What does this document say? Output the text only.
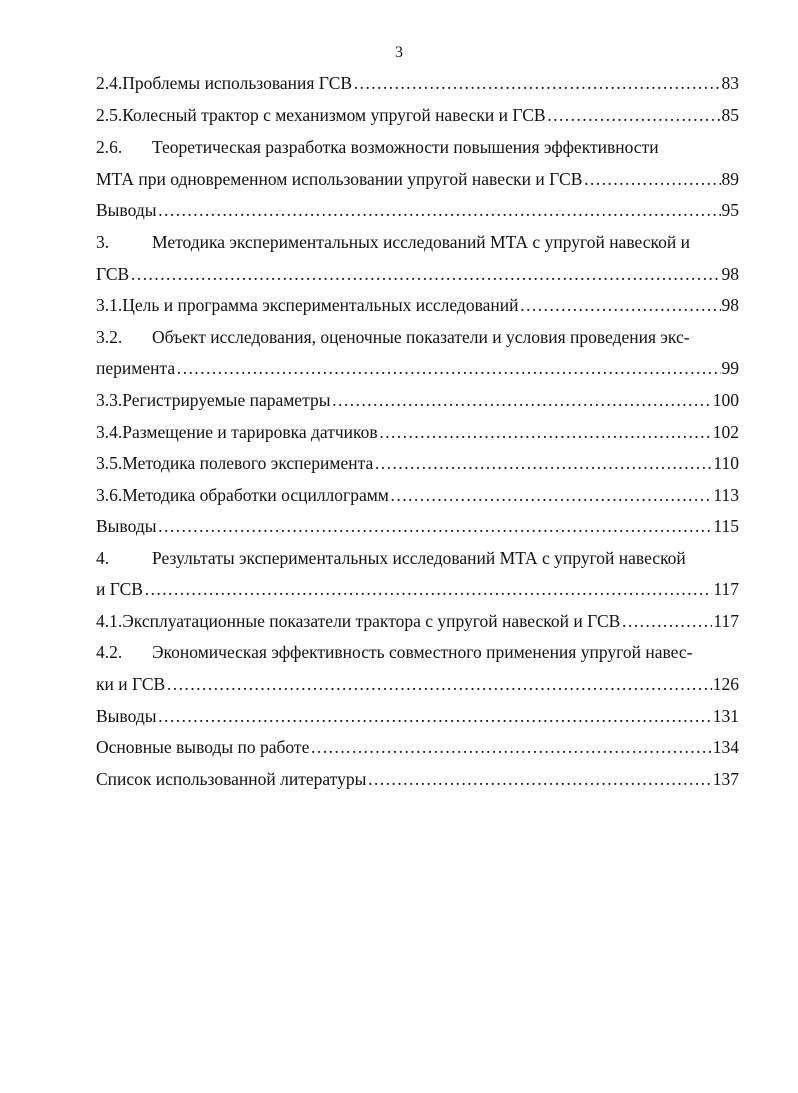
3
2.4. Проблемы использования ГСВ ……………………………………………………………………………………………………………………………………………………………………………	83
2.5. Колесный трактор с механизмом упругой навески и ГСВ ……………………………………………………………………………………………………………………………………………………………………………	85
2.6. Теоретическая разработка возможности повышения эффективности
МТА при одновременном использовании упругой навески и ГСВ ……………………………………………………………………………………………………………………………………………………………………………	89
Выводы ……………………………………………………………………………………………………………………………………………………………………………	95
3. Методика экспериментальных исследований МТА с упругой навеской и
ГСВ ……………………………………………………………………………………………………………………………………………………………………………	98
3.1. Цель и программа экспериментальных исследований ……………………………………………………………………………………………………………………………………………………………………………	98
3.2. Объект исследования, оценочные показатели и условия проведения экс-
перимента ……………………………………………………………………………………………………………………………………………………………………………	99
3.3. Регистрируемые параметры ……………………………………………………………………………………………………………………………………………………………………………	100
3.4. Размещение и тарировка датчиков ……………………………………………………………………………………………………………………………………………………………………………	102
3.5. Методика полевого эксперимента ……………………………………………………………………………………………………………………………………………………………………………	110
3.6. Методика обработки осциллограмм ……………………………………………………………………………………………………………………………………………………………………………	113
Выводы ……………………………………………………………………………………………………………………………………………………………………………	115
4. Результаты экспериментальных исследований МТА с упругой навеской
и ГСВ ……………………………………………………………………………………………………………………………………………………………………………	117
4.1. Эксплуатационные показатели трактора с упругой навеской и ГСВ ……………………………………………………………………………………………………………………………………………………………………………	117
4.2. Экономическая эффективность совместного применения упругой навес-
ки и ГСВ ……………………………………………………………………………………………………………………………………………………………………………	126
Выводы ……………………………………………………………………………………………………………………………………………………………………………	131
Основные выводы по работе ……………………………………………………………………………………………………………………………………………………………………………	134
Список использованной литературы ……………………………………………………………………………………………………………………………………………………………………………	137
